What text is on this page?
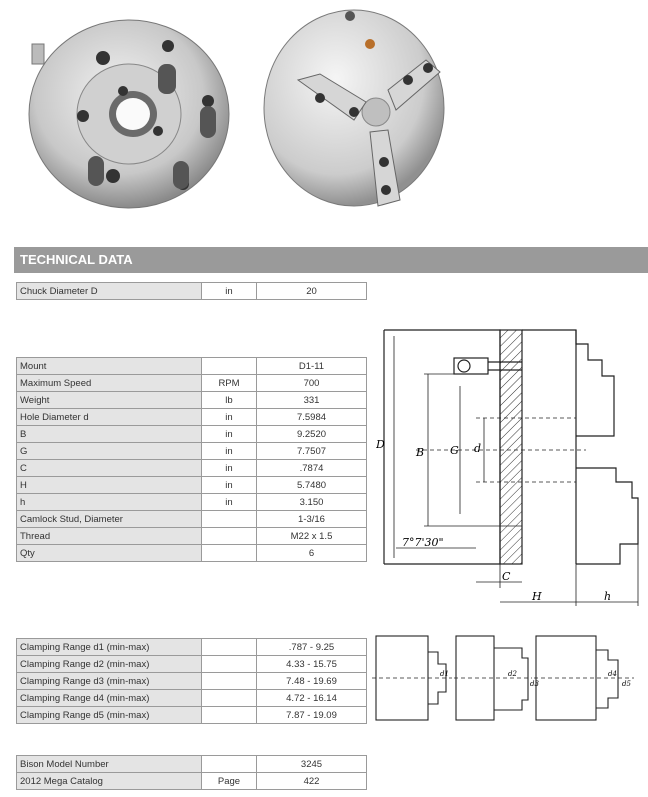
TECHNICAL DATA
Chuck Diameter D	in	20
Mount		D1-11
Maximum Speed	RPM	700
Weight	lb	331
Hole Diameter d	in	7.5984
B	in	9.2520
G	in	7.7507
C	in	.7874
H	in	5.7480
h	in	3.150
Camlock Stud, Diameter		1-3/16
Thread		M22 x 1.5
Qty		6
Clamping Range d1 (min-max)		.787 - 9.25
Clamping Range d2 (min-max)		4.33 - 15.75
Clamping Range d3 (min-max)		7.48 - 19.69
Clamping Range d4 (min-max)		4.72 - 16.14
Clamping Range d5 (min-max)		7.87 - 19.09
Bison Model Number		3245
2012 Mega Catalog	Page	422
D
B G d
7°7'30"
C
H	h
d1	d2
d3
d4
d5
